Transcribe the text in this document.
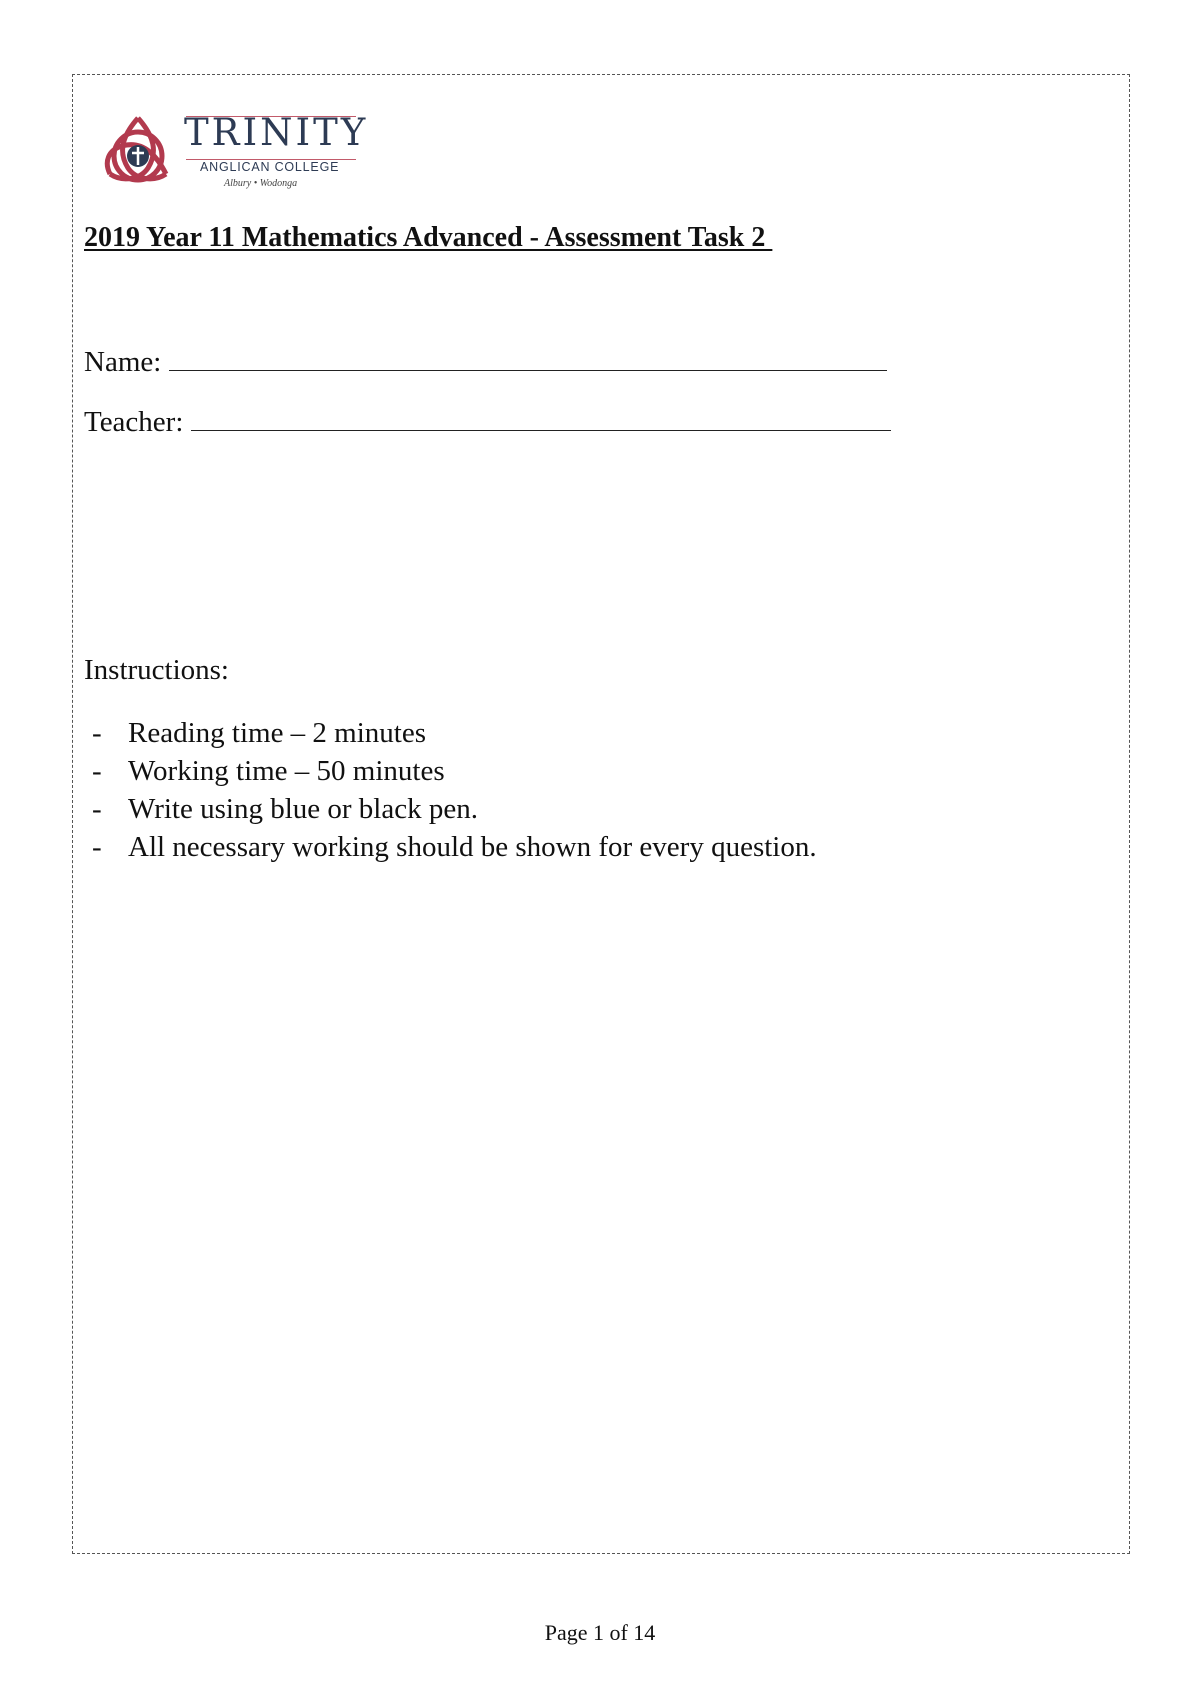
TRINITY
ANGLICAN COLLEGE
Albury • Wodonga
2019 Year 11 Mathematics Advanced - Assessment Task 2
Name:
Teacher:
Instructions:
- Reading time – 2 minutes
- Working time – 50 minutes
- Write using blue or black pen.
- All necessary working should be shown for every question.
Page 1 of 14
